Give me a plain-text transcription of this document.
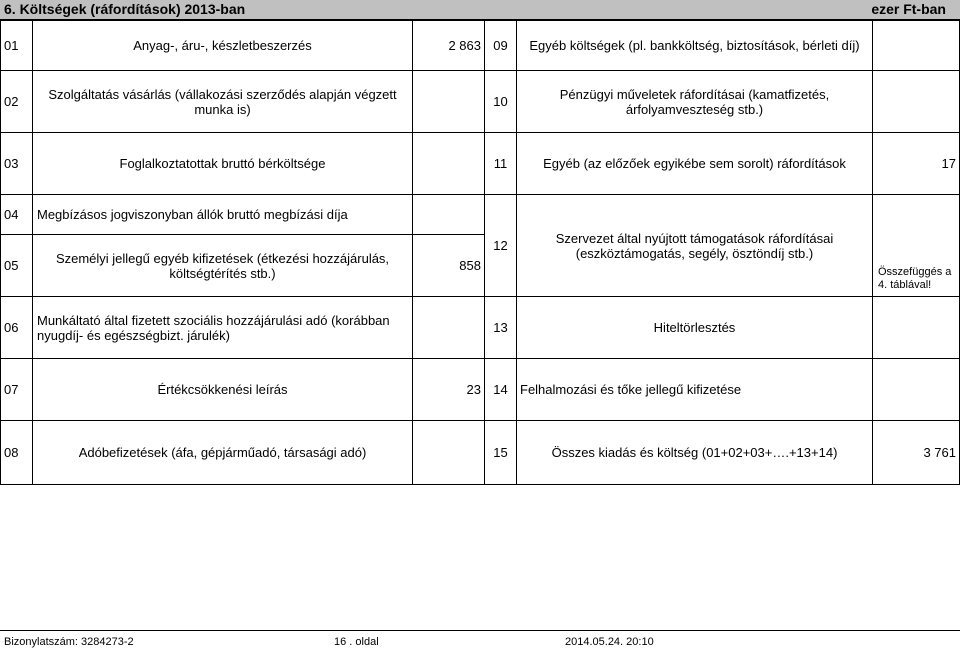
6. Költségek (ráfordítások) 2013-ban	ezer Ft-ban
01	Anyag-, áru-, készletbeszerzés	2 863	09	Egyéb költségek (pl. bankköltség, biztosítások, bérleti díj)	
02	Szolgáltatás vásárlás (vállakozási szerződés alapján végzett munka is)		10	Pénzügyi műveletek ráfordításai (kamatfizetés, árfolyamveszteség stb.)	
03	Foglalkoztatottak bruttó bérköltsége		11	Egyéb (az előzőek egyikébe sem sorolt) ráfordítások	17
04	Megbízásos jogviszonyban állók bruttó megbízási díja		12	Szervezet által nyújtott támogatások ráfordításai (eszköztámogatás, segély, ösztöndíj stb.)	Összefüggés a 4. táblával!

05	Személyi jellegű egyéb kifizetések (étkezési hozzájárulás, költségtérítés stb.)	858			
06	Munkáltató által fizetett szociális hozzájárulási adó (korábban nyugdíj- és egészségbizt. járulék)		13	Hiteltörlesztés	
07	Értékcsökkenési leírás	23	14	Felhalmozási és tőke jellegű kifizetése	
08	Adóbefizetések (áfa, gépjárműadó, társasági adó)		15	Összes kiadás és költség (01+02+03+….+13+14)	3 761
Bizonylatszám: 3284273-2	16 . oldal	2014.05.24. 20:10
